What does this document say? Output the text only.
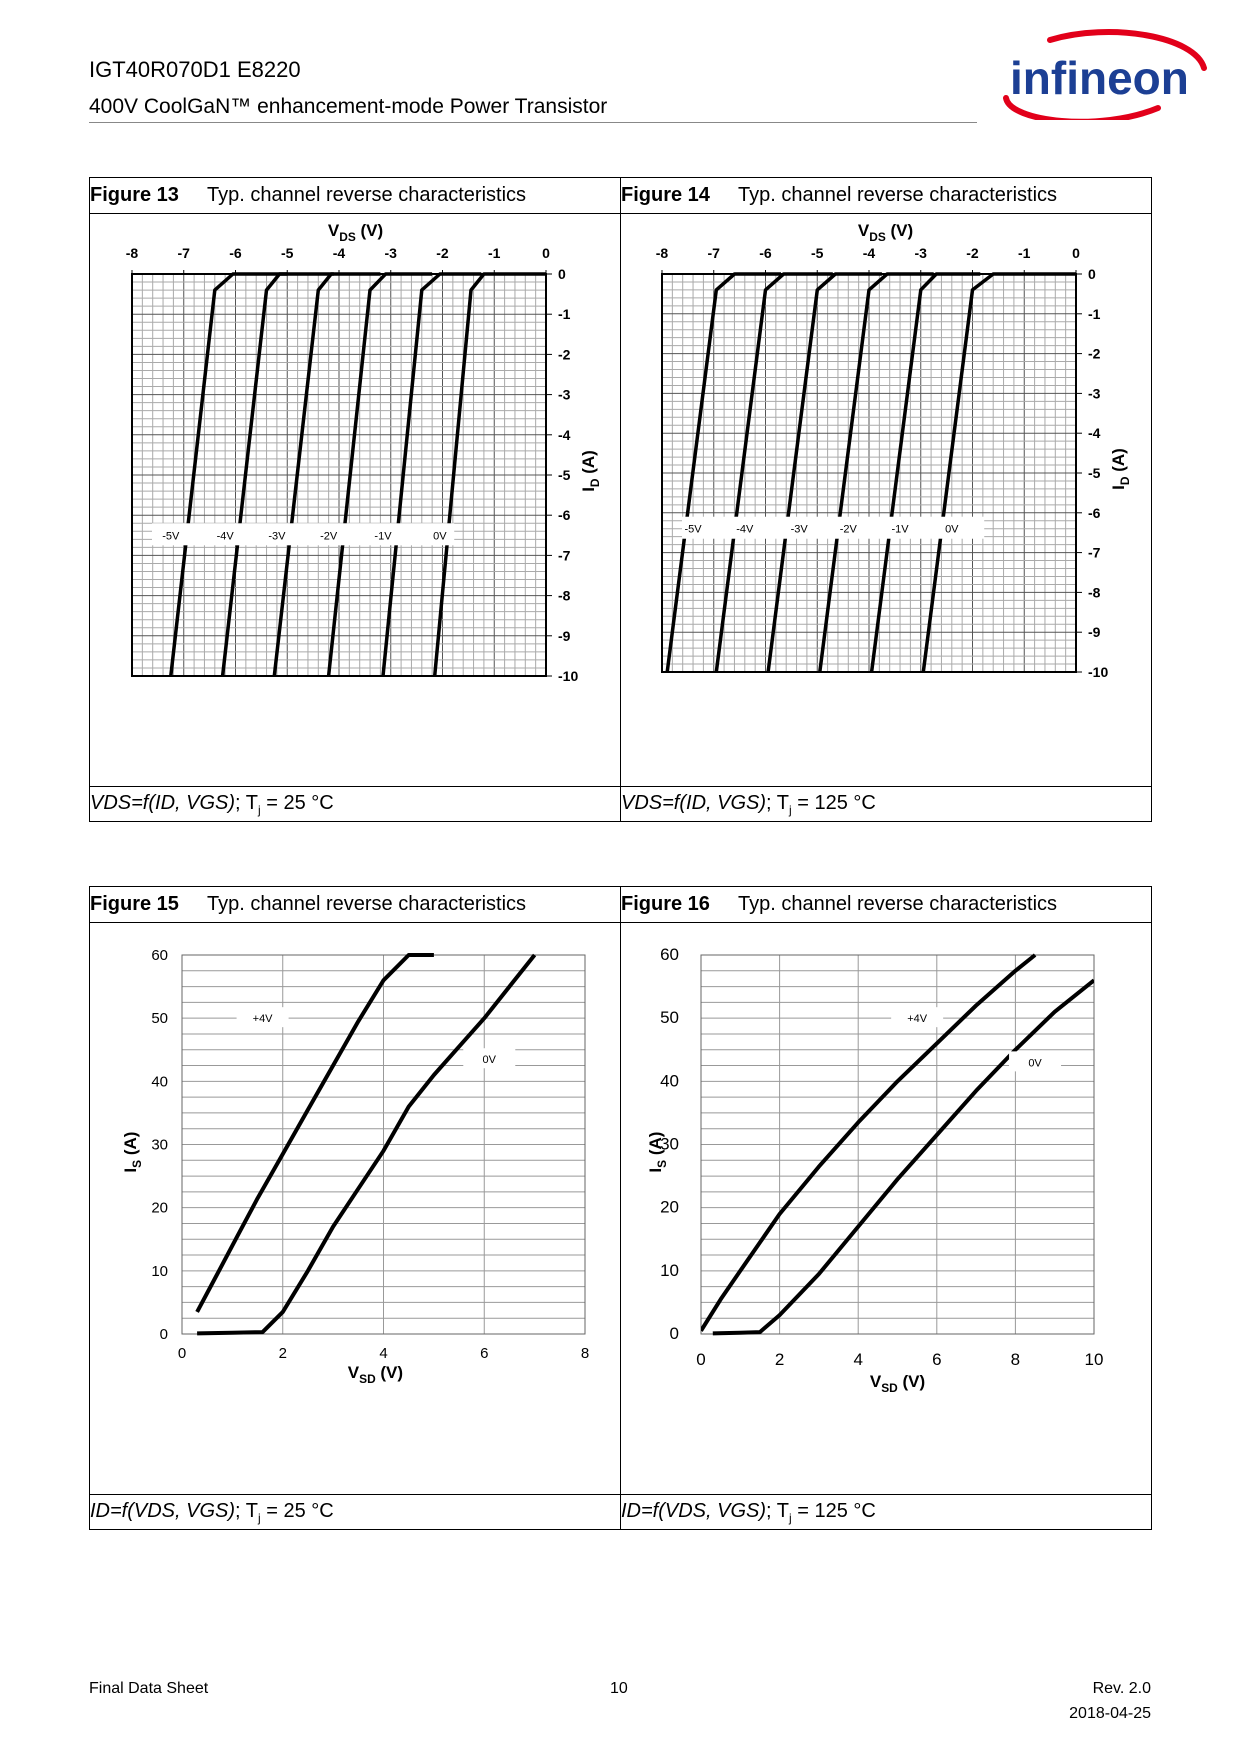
IGT40R070D1 E8220
400V CoolGaN™ enhancement-mode Power Transistor
infineon
Figure 13 Typ. channel reverse characteristics	Figure 14 Typ. channel reverse characteristics
VDS=f(ID, VGS); $T_j = 25$ °C	VDS=f(ID, VGS); $T_j = 125$ °C
-8	-7	-6	-5	-4	-3	-2	-1	0
0
-1
-2
-3
-4
-5
-6
-7
-8
-9
-10
$V_{DS}$ (V)
$I_D$ (A)
-5V	-4V	-3V	-2V	-1V	0V
-8	-7	-6	-5	-4	-3	-2	-1	0
0
-1
-2
-3
-4
-5
-6
-7
-8
-9
-10
$V_{DS}$ (V)
$I_D$ (A)
-5V	-4V	-3V	-2V	-1V	0V
Figure 15 Typ. channel reverse characteristics	Figure 16 Typ. channel reverse characteristics
ID=f(VDS, VGS); $T_j = 25$ °C	ID=f(VDS, VGS); $T_j = 125$ °C
0	2	4	6	8
0
10
20
30
40
50
60
$V_{SD}$ (V)
$I_S$ (A)
+4V
0V
0	2	4	6	8	10
0
10
20
30
40
50
60
$V_{SD}$ (V)
$I_S$ (A)
+4V
0V
Final Data Sheet	10	Rev. 2.0
2018-04-25
